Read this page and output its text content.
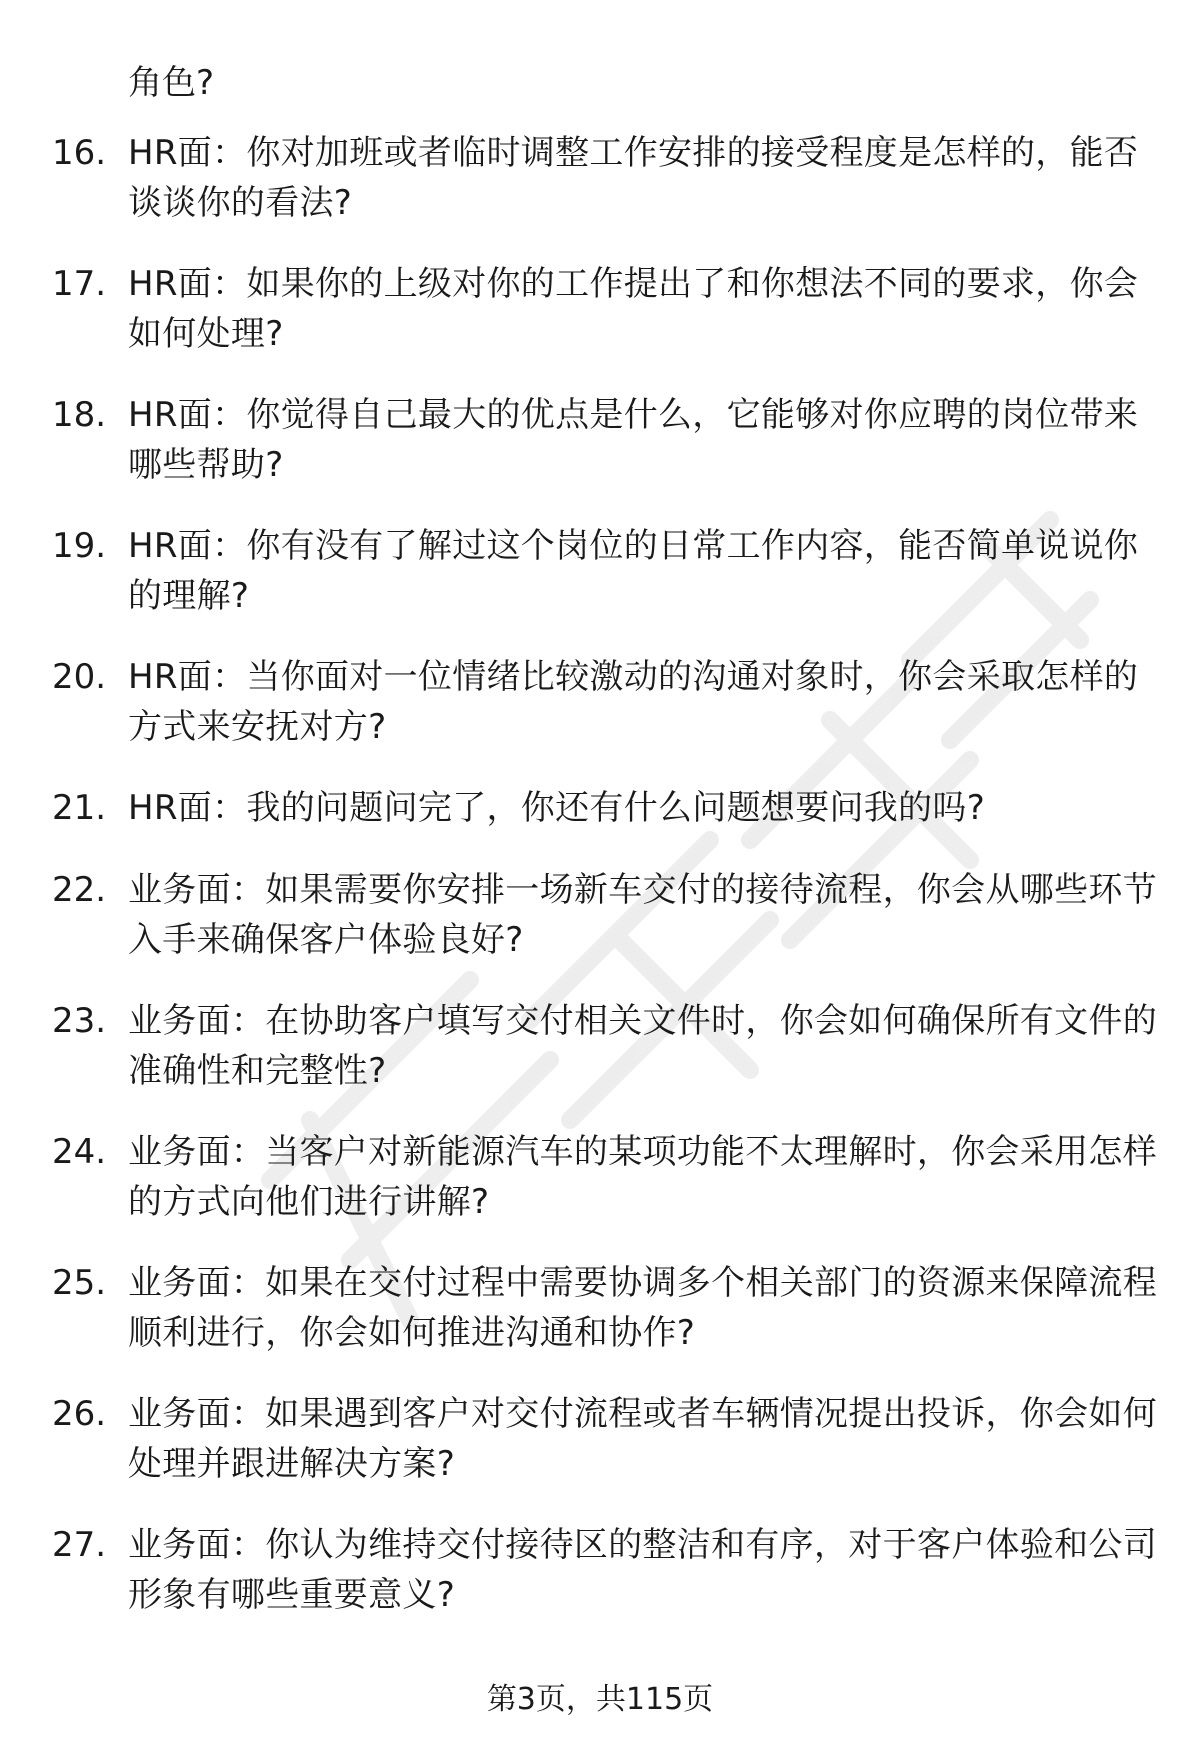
角色?
16. HR面：你对加班或者临时调整工作安排的接受程度是怎样的，能否谈谈你的看法?
17. HR面：如果你的上级对你的工作提出了和你想法不同的要求，你会如何处理?
18. HR面：你觉得自己最大的优点是什么，它能够对你应聘的岗位带来哪些帮助?
19. HR面：你有没有了解过这个岗位的日常工作内容，能否简单说说你的理解?
20. HR面：当你面对一位情绪比较激动的沟通对象时，你会采取怎样的方式来安抚对方?
21. HR面：我的问题问完了，你还有什么问题想要问我的吗?
22. 业务面：如果需要你安排一场新车交付的接待流程，你会从哪些环节入手来确保客户体验良好?
23. 业务面：在协助客户填写交付相关文件时，你会如何确保所有文件的准确性和完整性?
24. 业务面：当客户对新能源汽车的某项功能不太理解时，你会采用怎样的方式向他们进行讲解?
25. 业务面：如果在交付过程中需要协调多个相关部门的资源来保障流程顺利进行，你会如何推进沟通和协作?
26. 业务面：如果遇到客户对交付流程或者车辆情况提出投诉，你会如何处理并跟进解决方案?
27. 业务面：你认为维持交付接待区的整洁和有序，对于客户体验和公司形象有哪些重要意义?
第3页，共115页
